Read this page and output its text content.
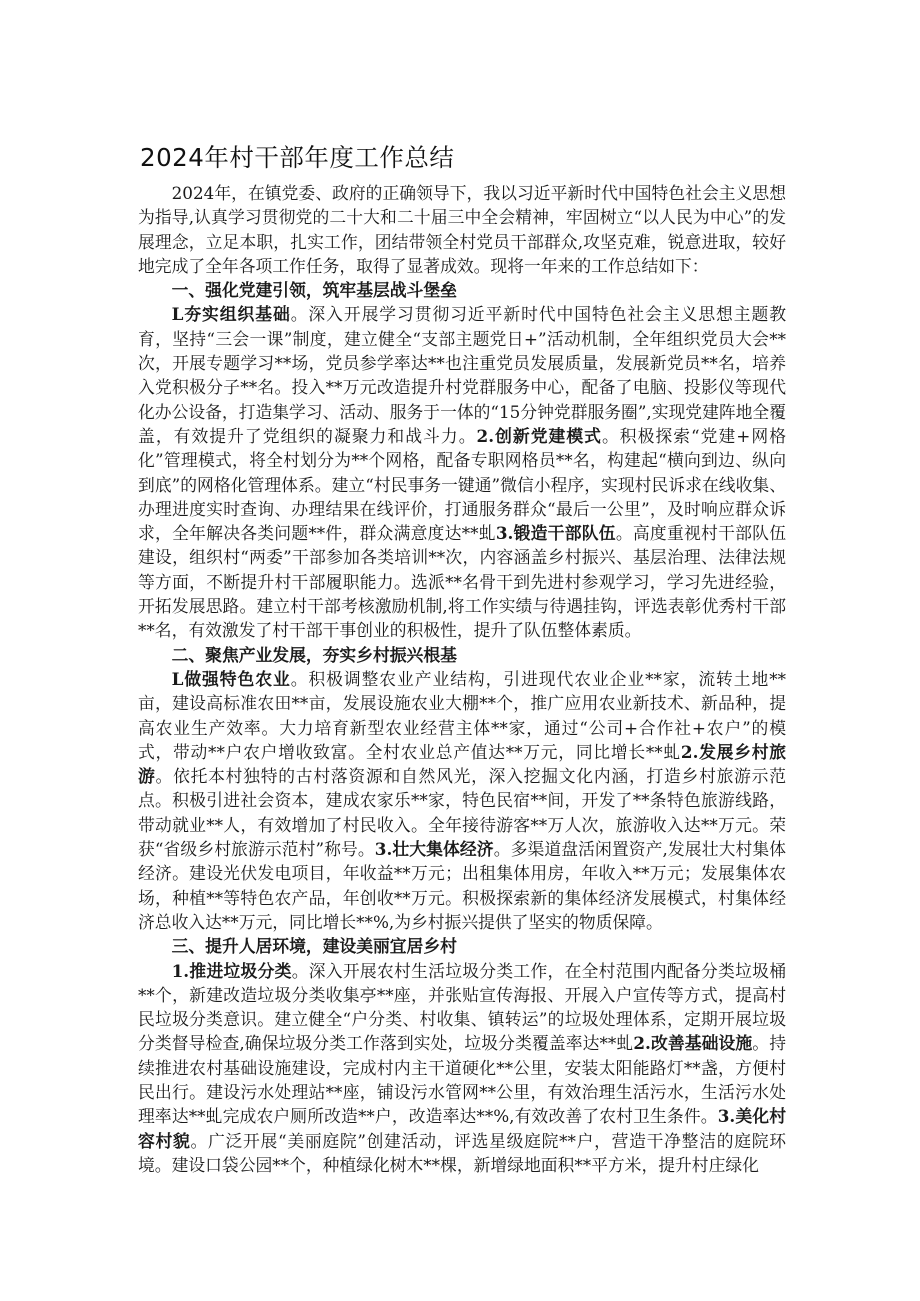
2024年村干部年度工作总结

2024年，在镇党委、政府的正确领导下，我以习近平新时代中国特色社会主义思想为指导,认真学习贯彻党的二十大和二十届三中全会精神，牢固树立“以人民为中心”的发展理念，立足本职，扎实工作，团结带领全村党员干部群众,攻坚克难，锐意进取，较好地完成了全年各项工作任务，取得了显著成效。现将一年来的工作总结如下：

一、强化党建引领，筑牢基层战斗堡垒

L夯实组织基础。深入开展学习贯彻习近平新时代中国特色社会主义思想主题教育，坚持“三会一课”制度，建立健全“支部主题党日+”活动机制，全年组织党员大会**次，开展专题学习**场，党员参学率达**也注重党员发展质量，发展新党员**名，培养入党积极分子**名。投入**万元改造提升村党群服务中心，配备了电脑、投影仪等现代化办公设备，打造集学习、活动、服务于一体的“15分钟党群服务圈”,实现党建阵地全覆盖，有效提升了党组织的凝聚力和战斗力。2.创新党建模式。积极探索“党建+网格化”管理模式，将全村划分为**个网格，配备专职网格员**名，构建起“横向到边、纵向到底”的网格化管理体系。建立“村民事务一键通”微信小程序，实现村民诉求在线收集、办理进度实时查询、办理结果在线评价，打通服务群众“最后一公里”，及时响应群众诉求，全年解决各类问题**件，群众满意度达**虬3.锻造干部队伍。高度重视村干部队伍建设，组织村“两委”干部参加各类培训**次，内容涵盖乡村振兴、基层治理、法律法规等方面，不断提升村干部履职能力。选派**名骨干到先进村参观学习，学习先进经验，开拓发展思路。建立村干部考核激励机制,将工作实绩与待遇挂钩，评选表彰优秀村干部**名，有效激发了村干部干事创业的积极性，提升了队伍整体素质。

二、聚焦产业发展，夯实乡村振兴根基

L做强特色农业。积极调整农业产业结构，引进现代农业企业**家，流转土地**亩，建设高标准农田**亩，发展设施农业大棚**个，推广应用农业新技术、新品种，提高农业生产效率。大力培育新型农业经营主体**家，通过“公司+合作社+农户”的模式，带动**户农户增收致富。全村农业总产值达**万元，同比增长**虬2.发展乡村旅游。依托本村独特的古村落资源和自然风光，深入挖掘文化内涵，打造乡村旅游示范点。积极引进社会资本，建成农家乐**家，特色民宿**间，开发了**条特色旅游线路，带动就业**人，有效增加了村民收入。全年接待游客**万人次，旅游收入达**万元。荣获“省级乡村旅游示范村”称号。3.壮大集体经济。多渠道盘活闲置资产,发展壮大村集体经济。建设光伏发电项目，年收益**万元；出租集体用房，年收入**万元；发展集体农场，种植**等特色农产品，年创收**万元。积极探索新的集体经济发展模式，村集体经济总收入达**万元，同比增长**%,为乡村振兴提供了坚实的物质保障。

三、提升人居环境，建设美丽宜居乡村

1.推进垃圾分类。深入开展农村生活垃圾分类工作，在全村范围内配备分类垃圾桶**个，新建改造垃圾分类收集亭**座，并张贴宣传海报、开展入户宣传等方式，提高村民垃圾分类意识。建立健全“户分类、村收集、镇转运”的垃圾处理体系，定期开展垃圾分类督导检查,确保垃圾分类工作落到实处，垃圾分类覆盖率达**虬2.改善基础设施。持续推进农村基础设施建设，完成村内主干道硬化**公里，安装太阳能路灯**盏，方便村民出行。建设污水处理站**座，铺设污水管网**公里，有效治理生活污水，生活污水处理率达**虬完成农户厕所改造**户，改造率达**%,有效改善了农村卫生条件。3.美化村容村貌。广泛开展“美丽庭院”创建活动，评选星级庭院**户，营造干净整洁的庭院环境。建设口袋公园**个，种植绿化树木**棵，新增绿地面积**平方米，提升村庄绿化
